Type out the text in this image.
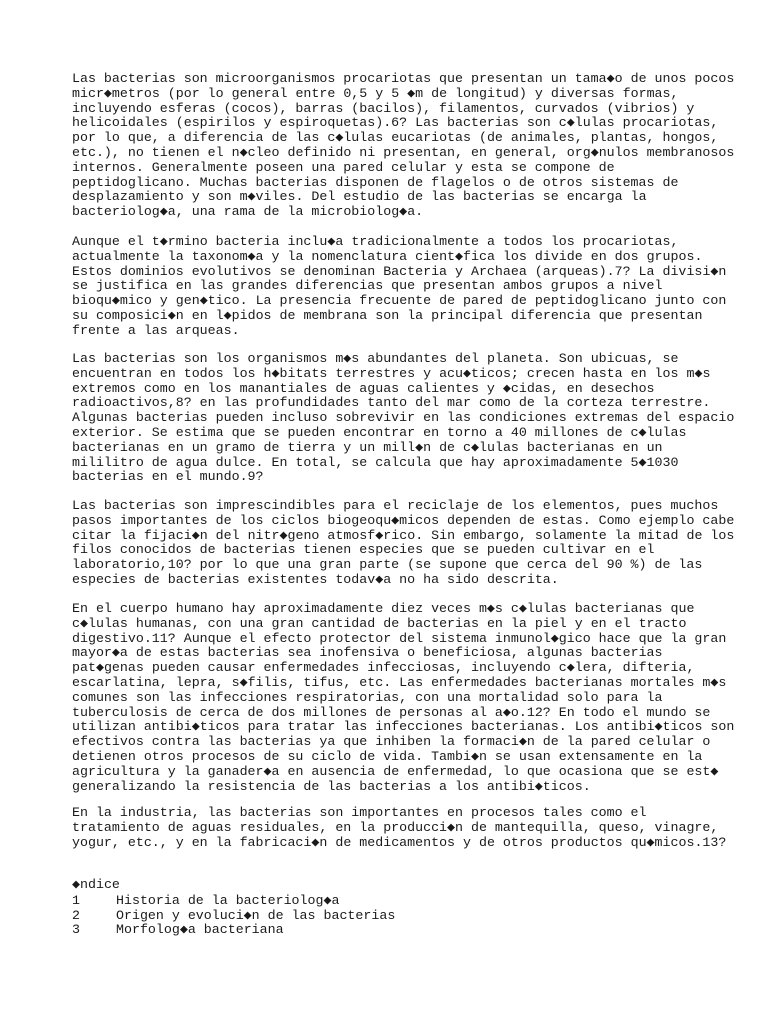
Las bacterias son microorganismos procariotas que presentan un tama◆o de unos pocos
micr◆metros (por lo general entre 0,5 y 5 ◆m de longitud) y diversas formas,
incluyendo esferas (cocos), barras (bacilos), filamentos, curvados (vibrios) y
helicoidales (espirilos y espiroquetas).6? Las bacterias son c◆lulas procariotas,
por lo que, a diferencia de las c◆lulas eucariotas (de animales, plantas, hongos,
etc.), no tienen el n◆cleo definido ni presentan, en general, org◆nulos membranosos
internos. Generalmente poseen una pared celular y esta se compone de
peptidoglicano. Muchas bacterias disponen de flagelos o de otros sistemas de
desplazamiento y son m◆viles. Del estudio de las bacterias se encarga la
bacteriolog◆a, una rama de la microbiolog◆a.
Aunque el t◆rmino bacteria inclu◆a tradicionalmente a todos los procariotas,
actualmente la taxonom◆a y la nomenclatura cient◆fica los divide en dos grupos.
Estos dominios evolutivos se denominan Bacteria y Archaea (arqueas).7? La divisi◆n
se justifica en las grandes diferencias que presentan ambos grupos a nivel
bioqu◆mico y gen◆tico. La presencia frecuente de pared de peptidoglicano junto con
su composici◆n en l◆pidos de membrana son la principal diferencia que presentan
frente a las arqueas.
Las bacterias son los organismos m◆s abundantes del planeta. Son ubicuas, se
encuentran en todos los h◆bitats terrestres y acu◆ticos; crecen hasta en los m◆s
extremos como en los manantiales de aguas calientes y ◆cidas, en desechos
radioactivos,8? en las profundidades tanto del mar como de la corteza terrestre.
Algunas bacterias pueden incluso sobrevivir en las condiciones extremas del espacio
exterior. Se estima que se pueden encontrar en torno a 40 millones de c◆lulas
bacterianas en un gramo de tierra y un mill◆n de c◆lulas bacterianas en un
mililitro de agua dulce. En total, se calcula que hay aproximadamente 5◆1030
bacterias en el mundo.9?
Las bacterias son imprescindibles para el reciclaje de los elementos, pues muchos
pasos importantes de los ciclos biogeoqu◆micos dependen de estas. Como ejemplo cabe
citar la fijaci◆n del nitr◆geno atmosf◆rico. Sin embargo, solamente la mitad de los
filos conocidos de bacterias tienen especies que se pueden cultivar en el
laboratorio,10? por lo que una gran parte (se supone que cerca del 90 %) de las
especies de bacterias existentes todav◆a no ha sido descrita.
En el cuerpo humano hay aproximadamente diez veces m◆s c◆lulas bacterianas que
c◆lulas humanas, con una gran cantidad de bacterias en la piel y en el tracto
digestivo.11? Aunque el efecto protector del sistema inmunol◆gico hace que la gran
mayor◆a de estas bacterias sea inofensiva o beneficiosa, algunas bacterias
pat◆genas pueden causar enfermedades infecciosas, incluyendo c◆lera, difteria,
escarlatina, lepra, s◆filis, tifus, etc. Las enfermedades bacterianas mortales m◆s
comunes son las infecciones respiratorias, con una mortalidad solo para la
tuberculosis de cerca de dos millones de personas al a◆o.12? En todo el mundo se
utilizan antibi◆ticos para tratar las infecciones bacterianas. Los antibi◆ticos son
efectivos contra las bacterias ya que inhiben la formaci◆n de la pared celular o
detienen otros procesos de su ciclo de vida. Tambi◆n se usan extensamente en la
agricultura y la ganader◆a en ausencia de enfermedad, lo que ocasiona que se est◆
generalizando la resistencia de las bacterias a los antibi◆ticos.
En la industria, las bacterias son importantes en procesos tales como el
tratamiento de aguas residuales, en la producci◆n de mantequilla, queso, vinagre,
yogur, etc., y en la fabricaci◆n de medicamentos y de otros productos qu◆micos.13?
◆ndice
1	Historia de la bacteriolog◆a
2	Origen y evoluci◆n de las bacterias
3	Morfolog◆a bacteriana
